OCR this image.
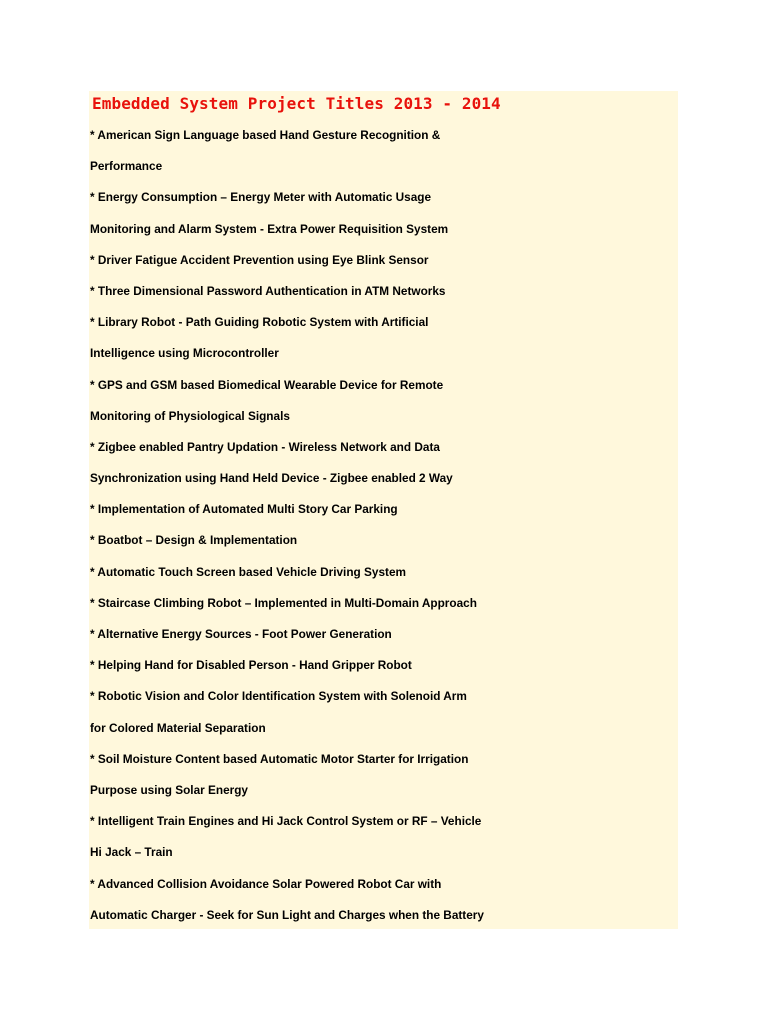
Embedded System Project Titles 2013 - 2014
* American Sign Language based Hand Gesture Recognition &
Performance
* Energy Consumption – Energy Meter with Automatic Usage
Monitoring and Alarm System - Extra Power Requisition System
* Driver Fatigue Accident Prevention using Eye Blink Sensor
* Three Dimensional Password Authentication in ATM Networks
* Library Robot - Path Guiding Robotic System with Artificial
Intelligence using Microcontroller
* GPS and GSM based Biomedical Wearable Device for Remote
Monitoring of Physiological Signals
* Zigbee enabled Pantry Updation - Wireless Network and Data
Synchronization using Hand Held Device - Zigbee enabled 2 Way
* Implementation of Automated Multi Story Car Parking
* Boatbot – Design & Implementation
* Automatic Touch Screen based Vehicle Driving System
* Staircase Climbing Robot – Implemented in Multi-Domain Approach
* Alternative Energy Sources - Foot Power Generation
* Helping Hand for Disabled Person - Hand Gripper Robot
* Robotic Vision and Color Identification System with Solenoid Arm
for Colored Material Separation
* Soil Moisture Content based Automatic Motor Starter for Irrigation
Purpose using Solar Energy
* Intelligent Train Engines and Hi Jack Control System or RF – Vehicle
Hi Jack – Train
* Advanced Collision Avoidance Solar Powered Robot Car with
Automatic Charger - Seek for Sun Light and Charges when the Battery
